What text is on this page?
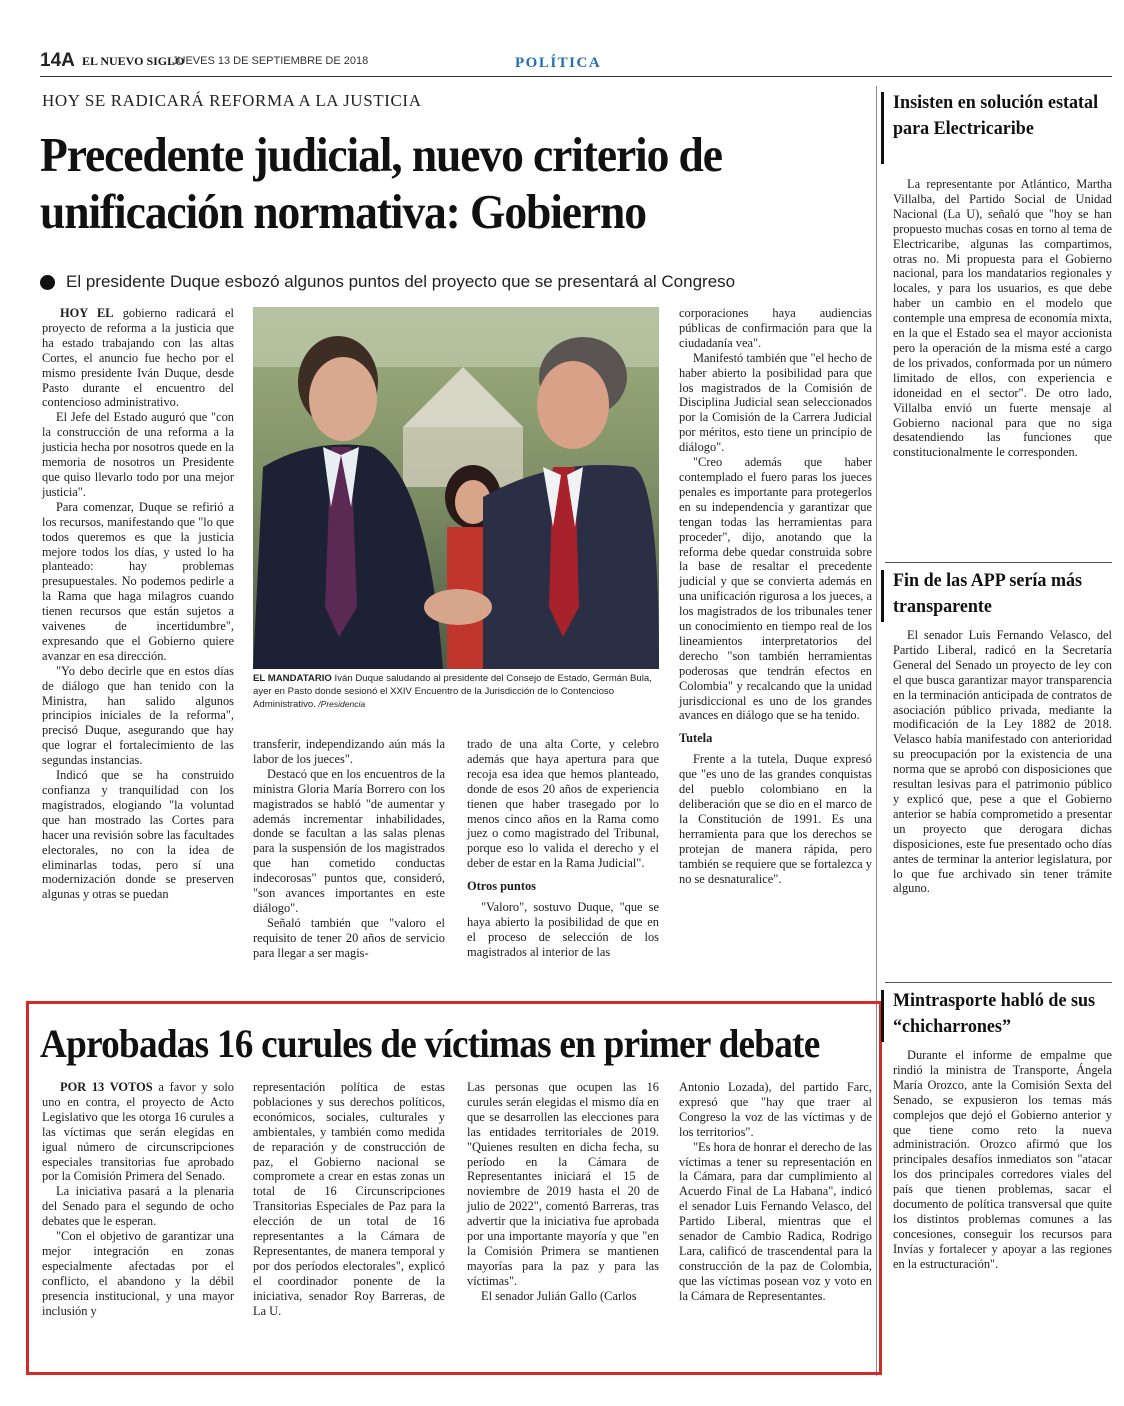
14A EL NUEVO SIGLO
JUEVES 13 DE SEPTIEMBRE DE 2018	POLÍTICA
HOY SE RADICARÁ REFORMA A LA JUSTICIA
Precedente judicial, nuevo criterio de unificación normativa: Gobierno
El presidente Duque esbozó algunos puntos del proyecto que se presentará al Congreso

HOY EL gobierno radicará el proyecto de reforma a la justicia que ha estado trabajando con las altas Cortes, el anuncio fue hecho por el mismo presidente Iván Duque, desde Pasto durante el encuentro del contencioso administrativo.

El Jefe del Estado auguró que "con la construcción de una reforma a la justicia hecha por nosotros quede en la memoria de nosotros un Presidente que quiso llevarlo todo por una mejor justicia".

Para comenzar, Duque se refirió a los recursos, manifestando que "lo que todos queremos es que la justicia mejore todos los días, y usted lo ha planteado: hay problemas presupuestales. No podemos pedirle a la Rama que haga milagros cuando tienen recursos que están sujetos a vaivenes de incertidumbre", expresando que el Gobierno quiere avanzar en esa dirección.

"Yo debo decirle que en estos días de diálogo que han tenido con la Ministra, han salido algunos principios iniciales de la reforma", precisó Duque, asegurando que hay que lograr el fortalecimiento de las segundas instancias.

Indicó que se ha construido confianza y tranquilidad con los magistrados, elogiando "la voluntad que han mostrado las Cortes para hacer una revisión sobre las facultades electorales, no con la idea de eliminarlas todas, pero sí una modernización donde se preserven algunas y otras se puedan

EL MANDATARIO Iván Duque saludando al presidente del Consejo de Estado, Germán Bula, ayer en Pasto donde sesionó el XXIV Encuentro de la Jurisdicción de lo Contencioso Administrativo. /Presidencia

transferir, independizando aún más la labor de los jueces".

Destacó que en los encuentros de la ministra Gloria María Borrero con los magistrados se habló "de aumentar y además incrementar inhabilidades, donde se facultan a las salas plenas para la suspensión de los magistrados que han cometido conductas indecorosas" puntos que, consideró, "son avances importantes en este diálogo".

Señaló también que "valoro el requisito de tener 20 años de servicio para llegar a ser magis-

trado de una alta Corte, y celebro además que haya apertura para que recoja esa idea que hemos planteado, donde de esos 20 años de experiencia tienen que haber trasegado por lo menos cinco años en la Rama como juez o como magistrado del Tribunal, porque eso lo valida el derecho y el deber de estar en la Rama Judicial".

Otros puntos

"Valoro", sostuvo Duque, "que se haya abierto la posibilidad de que en el proceso de selección de los magistrados al interior de las

corporaciones haya audiencias públicas de confirmación para que la ciudadanía vea".

Manifestó también que "el hecho de haber abierto la posibilidad para que los magistrados de la Comisión de Disciplina Judicial sean seleccionados por la Comisión de la Carrera Judicial por méritos, esto tiene un principio de diálogo".

"Creo además que haber contemplado el fuero paras los jueces penales es importante para protegerlos en su independencia y garantizar que tengan todas las herramientas para proceder", dijo, anotando que la reforma debe quedar construida sobre la base de resaltar el precedente judicial y que se convierta además en una unificación rigurosa a los jueces, a los magistrados de los tribunales tener un conocimiento en tiempo real de los lineamientos interpretatorios del derecho "son también herramientas poderosas que tendrán efectos en Colombia" y recalcando que la unidad jurisdiccional es uno de los grandes avances en diálogo que se ha tenido.

Tutela

Frente a la tutela, Duque expresó que "es uno de las grandes conquistas del pueblo colombiano en la deliberación que se dio en el marco de la Constitución de 1991. Es una herramienta para que los derechos se protejan de manera rápida, pero también se requiere que se fortalezca y no se desnaturalice".

Aprobadas 16 curules de víctimas en primer debate

POR 13 VOTOS a favor y solo uno en contra, el proyecto de Acto Legislativo que les otorga 16 curules a las víctimas que serán elegidas en igual número de circunscripciones especiales transitorias fue aprobado por la Comisión Primera del Senado.

La iniciativa pasará a la plenaria del Senado para el segundo de ocho debates que le esperan.

"Con el objetivo de garantizar una mejor integración en zonas especialmente afectadas por el conflicto, el abandono y la débil presencia institucional, y una mayor inclusión y

representación política de estas poblaciones y sus derechos políticos, económicos, sociales, culturales y ambientales, y también como medida de reparación y de construcción de paz, el Gobierno nacional se compromete a crear en estas zonas un total de 16 Circunscripciones Transitorias Especiales de Paz para la elección de un total de 16 representantes a la Cámara de Representantes, de manera temporal y por dos períodos electorales", explicó el coordinador ponente de la iniciativa, senador Roy Barreras, de La U.

Las personas que ocupen las 16 curules serán elegidas el mismo día en que se desarrollen las elecciones para las entidades territoriales de 2019. "Quienes resulten en dicha fecha, su período en la Cámara de Representantes iniciará el 15 de noviembre de 2019 hasta el 20 de julio de 2022", comentó Barreras, tras advertir que la iniciativa fue aprobada por una importante mayoría y que "en la Comisión Primera se mantienen mayorías para la paz y para las víctimas".

El senador Julián Gallo (Carlos

Antonio Lozada), del partido Farc, expresó que "hay que traer al Congreso la voz de las víctimas y de los territorios".

"Es hora de honrar el derecho de las víctimas a tener su representación en la Cámara, para dar cumplimiento al Acuerdo Final de La Habana", indicó el senador Luis Fernando Velasco, del Partido Liberal, mientras que el senador de Cambio Radica, Rodrigo Lara, calificó de trascendental para la construcción de la paz de Colombia, que las víctimas posean voz y voto en la Cámara de Representantes.

Insisten en solución estatal para Electricaribe

La representante por Atlántico, Martha Villalba, del Partido Social de Unidad Nacional (La U), señaló que "hoy se han propuesto muchas cosas en torno al tema de Electricaribe, algunas las compartimos, otras no. Mi propuesta para el Gobierno nacional, para los mandatarios regionales y locales, y para los usuarios, es que debe haber un cambio en el modelo que contemple una empresa de economía mixta, en la que el Estado sea el mayor accionista pero la operación de la misma esté a cargo de los privados, conformada por un número limitado de ellos, con experiencia e idoneidad en el sector". De otro lado, Villalba envió un fuerte mensaje al Gobierno nacional para que no siga desatendiendo las funciones que constitucionalmente le corresponden.

Fin de las APP sería más transparente

El senador Luis Fernando Velasco, del Partido Liberal, radicó en la Secretaría General del Senado un proyecto de ley con el que busca garantizar mayor transparencia en la terminación anticipada de contratos de asociación público privada, mediante la modificación de la Ley 1882 de 2018. Velasco había manifestado con anterioridad su preocupación por la existencia de una norma que se aprobó con disposiciones que resultan lesivas para el patrimonio público y explicó que, pese a que el Gobierno anterior se había comprometido a presentar un proyecto que derogara dichas disposiciones, este fue presentado ocho días antes de terminar la anterior legislatura, por lo que fue archivado sin tener trámite alguno.

Mintrasporte habló de sus “chicharrones”

Durante el informe de empalme que rindió la ministra de Transporte, Ángela María Orozco, ante la Comisión Sexta del Senado, se expusieron los temas más complejos que dejó el Gobierno anterior y que tiene como reto la nueva administración. Orozco afirmó que los principales desafíos inmediatos son "atacar los dos principales corredores viales del país que tienen problemas, sacar el documento de política transversal que quite los distintos problemas comunes a las concesiones, conseguir los recursos para Invías y fortalecer y apoyar a las regiones en la estructuración".
